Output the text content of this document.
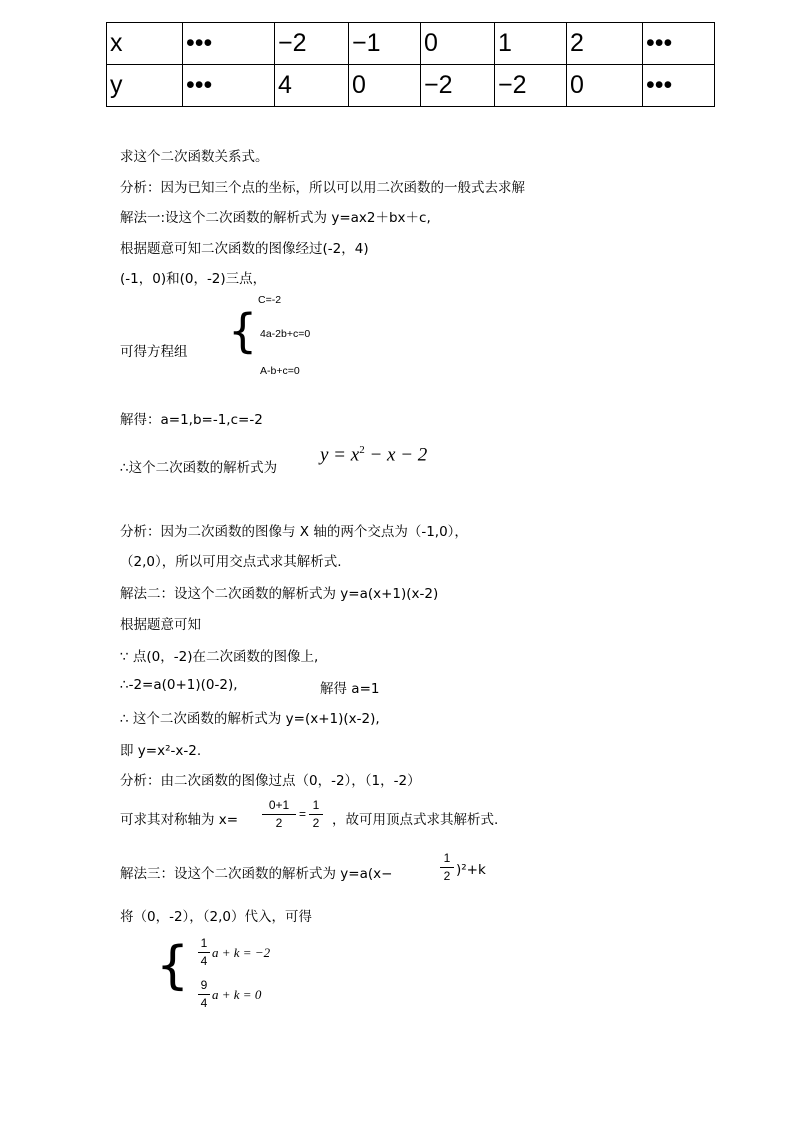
x	•••	−2	−1	0	1	2	•••
y	•••	4	0	−2	−2	0	•••
求这个二次函数关系式。
分析：因为已知三个点的坐标，所以可以用二次函数的一般式去求解
解法一:设这个二次函数的解析式为 y=ax2＋bx＋c,
根据题意可知二次函数的图像经过(-2，4)
(-1，0)和(0，-2)三点，
C=-2
可得方程组 { 4a-2b+c=0
A-b+c=0
解得：a=1,b=-1,c=-2
∴这个二次函数的解析式为
$y = x^2 - x - 2$
分析：因为二次函数的图像与 X 轴的两个交点为（-1,0），
（2,0），所以可用交点式求其解析式.
解法二：设这个二次函数的解析式为 y=a(x+1)(x-2)
根据题意可知
∵ 点(0，-2)在二次函数的图像上,
∴-2=a(0+1)(0-2),	解得 a=1
∴ 这个二次函数的解析式为 y=(x+1)(x-2),
即 y=x²-x-2.
分析：由二次函数的图像过点（0，-2），（1，-2）
可求其对称轴为 x=
0+1
2
=
1
2 ，故可用顶点式求其解析式.
解法三：设这个二次函数的解析式为 y=a(x−
1
2 )²+k
将（0，-2），（2,0）代入，可得
{ 1
4
a + k = −2
9
4
a + k = 0
